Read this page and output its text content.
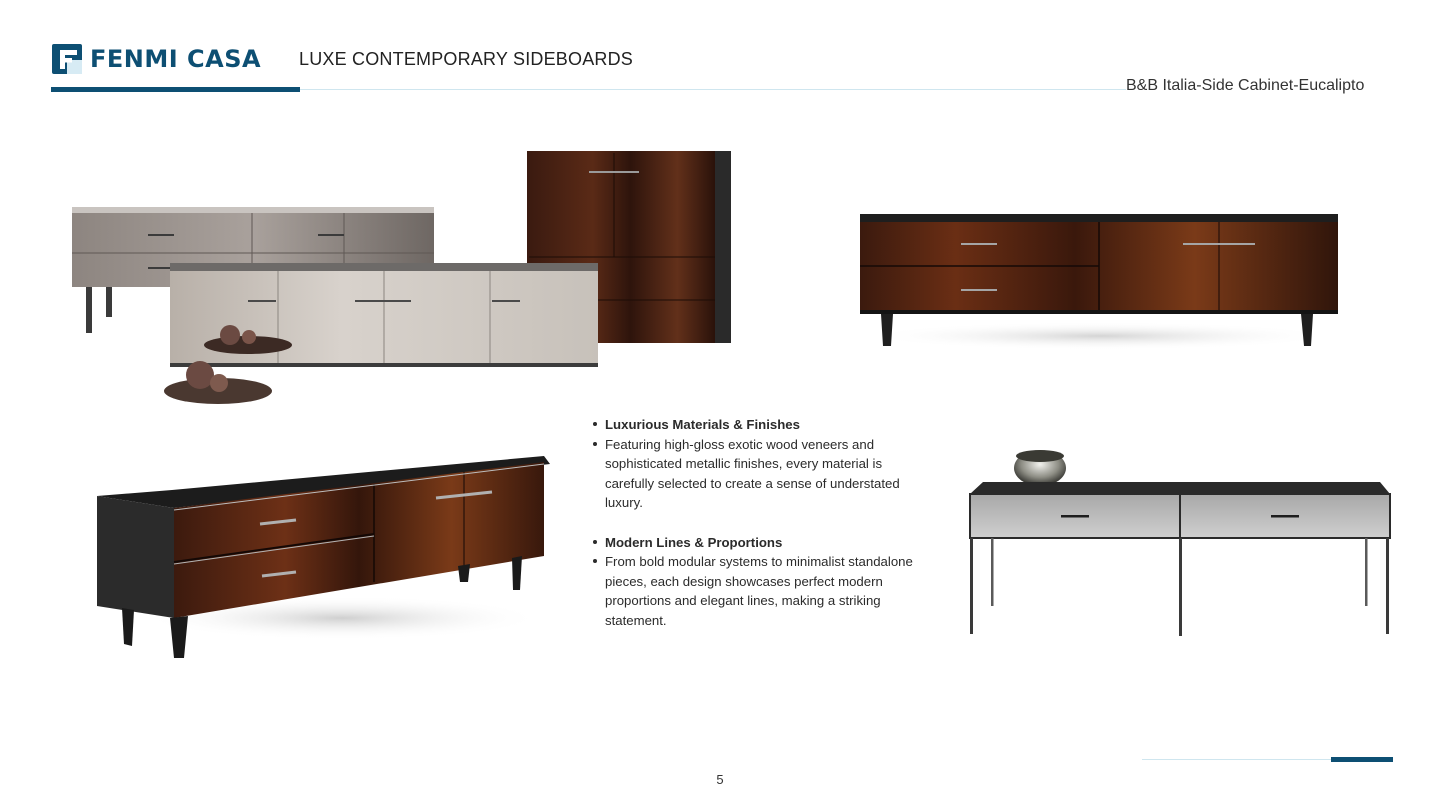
FENMI CASA LUXE CONTEMPORARY SIDEBOARDS
B&B Italia-Side Cabinet-Eucalipto
Luxurious Materials & Finishes
Featuring high-gloss exotic wood veneers and sophisticated metallic finishes, every material is carefully selected to create a sense of understated luxury.
Modern Lines & Proportions
From bold modular systems to minimalist standalone pieces, each design showcases perfect modern proportions and elegant lines, making a striking statement.
5
